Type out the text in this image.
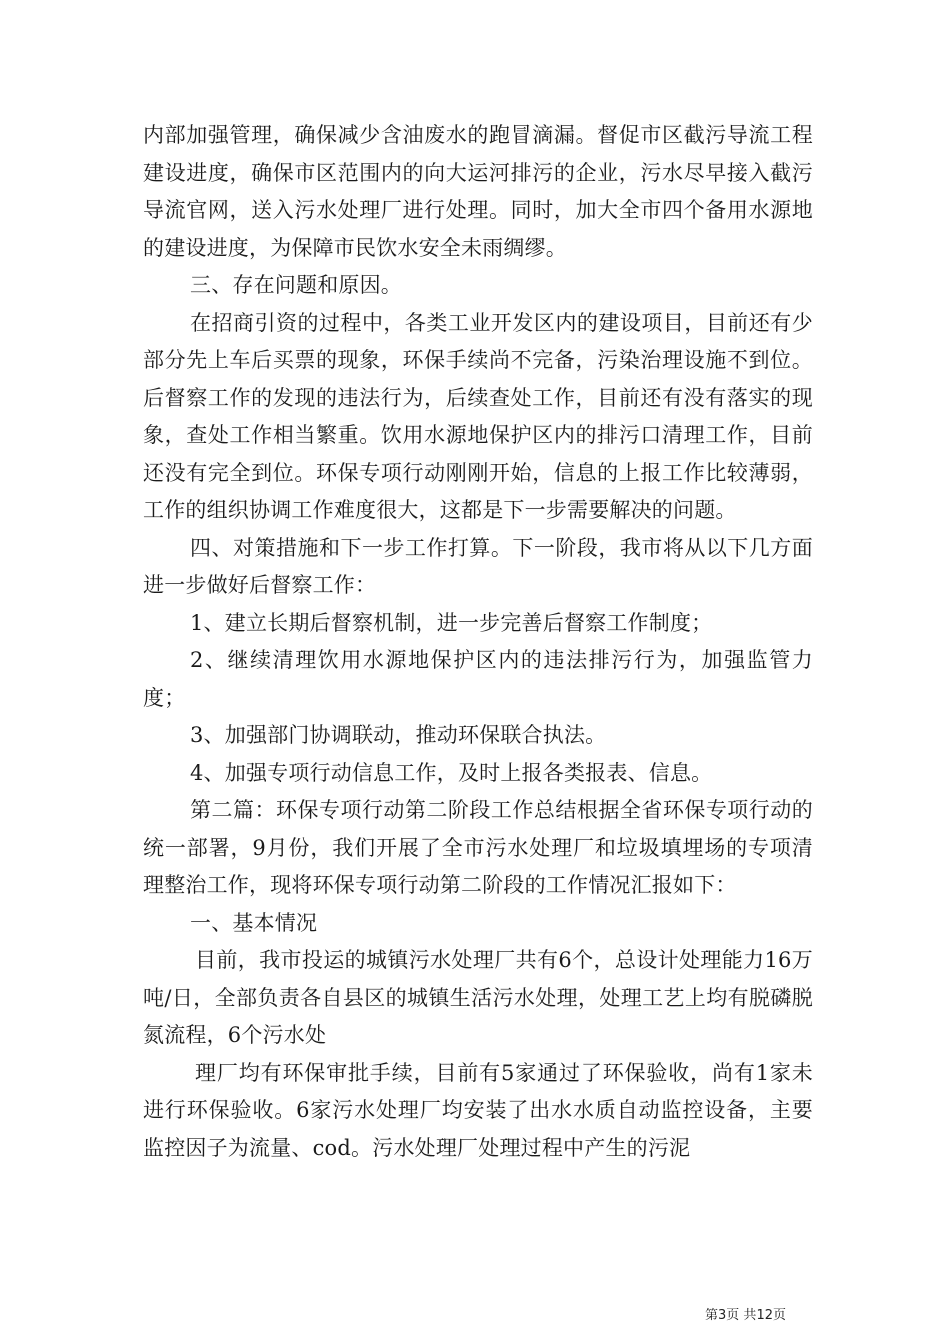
内部加强管理，确保减少含油废水的跑冒滴漏。督促市区截污导流工程建设进度，确保市区范围内的向大运河排污的企业，污水尽早接入截污导流官网，送入污水处理厂进行处理。同时，加大全市四个备用水源地的建设进度，为保障市民饮水安全未雨绸缪。

三、存在问题和原因。

在招商引资的过程中，各类工业开发区内的建设项目，目前还有少部分先上车后买票的现象，环保手续尚不完备，污染治理设施不到位。后督察工作的发现的违法行为，后续查处工作，目前还有没有落实的现象，查处工作相当繁重。饮用水源地保护区内的排污口清理工作，目前还没有完全到位。环保专项行动刚刚开始，信息的上报工作比较薄弱，工作的组织协调工作难度很大，这都是下一步需要解决的问题。

四、对策措施和下一步工作打算。下一阶段，我市将从以下几方面进一步做好后督察工作：

1、建立长期后督察机制，进一步完善后督察工作制度；

2、继续清理饮用水源地保护区内的违法排污行为，加强监管力度；

3、加强部门协调联动，推动环保联合执法。

4、加强专项行动信息工作，及时上报各类报表、信息。

第二篇：环保专项行动第二阶段工作总结根据全省环保专项行动的统一部署，9月份，我们开展了全市污水处理厂和垃圾填埋场的专项清理整治工作，现将环保专项行动第二阶段的工作情况汇报如下：

一、基本情况

目前，我市投运的城镇污水处理厂共有6个，总设计处理能力16万吨/日，全部负责各自县区的城镇生活污水处理，处理工艺上均有脱磷脱氮流程，6个污水处

理厂均有环保审批手续，目前有5家通过了环保验收，尚有1家未进行环保验收。6家污水处理厂均安装了出水水质自动监控设备，主要监控因子为流量、cod。污水处理厂处理过程中产生的污泥

第3页 共12页
